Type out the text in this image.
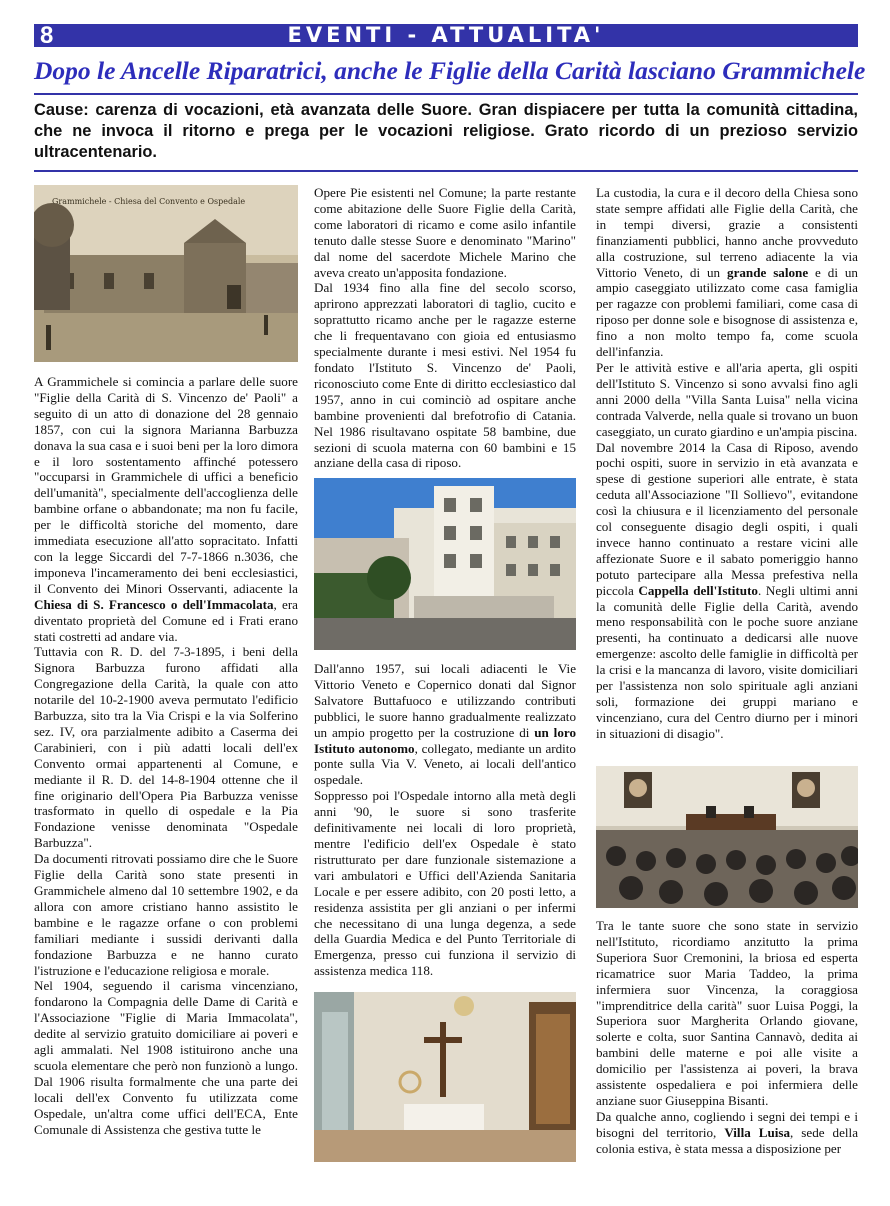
8	EVENTI - ATTUALITA'
Dopo le Ancelle Riparatrici, anche le Figlie della Carità lasciano Grammichele
Cause: carenza di vocazioni, età avanzata delle Suore. Gran dispiacere per tutta la comunità cittadina, che ne invoca il ritorno e prega per le vocazioni religiose. Grato ricordo di un prezioso servizio ultracentenario.
Grammichele - Chiesa del Convento e Ospedale

A Grammichele si comincia a parlare delle suore "Figlie della Carità di S. Vincenzo de' Paoli" a seguito di un atto di donazione del 28 gennaio 1857, con cui la signora Marianna Barbuzza donava la sua casa e i suoi beni per la loro dimora e il loro sostentamento affinché potessero "occuparsi in Grammichele di uffici a beneficio dell'umanità", specialmente dell'accoglienza delle bambine orfane o abbandonate; ma non fu facile, per le difficoltà storiche del momento, dare immediata esecuzione all'atto sopracitato. Infatti con la legge Siccardi del 7-7-1866 n.3036, che imponeva l'incameramento dei beni ecclesiastici, il Convento dei Minori Osservanti, adiacente la Chiesa di S. Francesco o dell'Immacolata, era diventato proprietà del Comune ed i Frati erano stati costretti ad andare via.

Tuttavia con R. D. del 7-3-1895, i beni della Signora Barbuzza furono affidati alla Congregazione della Carità, la quale con atto notarile del 10-2-1900 aveva permutato l'edificio Barbuzza, sito tra la Via Crispi e la via Solferino sez. IV, ora parzialmente adibito a Caserma dei Carabinieri, con i più adatti locali dell'ex Convento ormai appartenenti al Comune, e mediante il R. D. del 14-8-1904 ottenne che il fine originario dell'Opera Pia Barbuzza venisse trasformato in quello di ospedale e la Pia Fondazione venisse denominata "Ospedale Barbuzza".

Da documenti ritrovati possiamo dire che le Suore Figlie della Carità sono state presenti in Grammichele almeno dal 10 settembre 1902, e da allora con amore cristiano hanno assistito le bambine e le ragazze orfane o con problemi familiari mediante i sussidi derivanti dalla fondazione Barbuzza e ne hanno curato l'istruzione e l'educazione religiosa e morale.

Nel 1904, seguendo il carisma vincenziano, fondarono la Compagnia delle Dame di Carità e l'Associazione "Figlie di Maria Immacolata", dedite al servizio gratuito domiciliare ai poveri e agli ammalati. Nel 1908 istituirono anche una scuola elementare che però non funzionò a lungo. Dal 1906 risulta formalmente che una parte dei locali dell'ex Convento fu utilizzata come Ospedale, un'altra come uffici dell'ECA, Ente Comunale di Assistenza che gestiva tutte le

Opere Pie esistenti nel Comune; la parte restante come abitazione delle Suore Figlie della Carità, come laboratori di ricamo e come asilo infantile tenuto dalle stesse Suore e denominato "Marino" dal nome del sacerdote Michele Marino che aveva creato un'apposita fondazione.

Dal 1934 fino alla fine del secolo scorso, aprirono apprezzati laboratori di taglio, cucito e soprattutto ricamo anche per le ragazze esterne che li frequentavano con gioia ed entusiasmo specialmente durante i mesi estivi. Nel 1954 fu fondato l'Istituto S. Vincenzo de' Paoli, riconosciuto come Ente di diritto ecclesiastico dal 1957, anno in cui cominciò ad ospitare anche bambine provenienti dal brefotrofio di Catania. Nel 1986 risultavano ospitate 58 bambine, due sezioni di scuola materna con 60 bambini e 15 anziane della casa di riposo.

Dall'anno 1957, sui locali adiacenti le Vie Vittorio Veneto e Copernico donati dal Signor Salvatore Buttafuoco e utilizzando contributi pubblici, le suore hanno gradualmente realizzato un ampio progetto per la costruzione di un loro Istituto autonomo, collegato, mediante un ardito ponte sulla Via V. Veneto, ai locali dell'antico ospedale.

Soppresso poi l'Ospedale intorno alla metà degli anni '90, le suore si sono trasferite definitivamente nei locali di loro proprietà, mentre l'edificio dell'ex Ospedale è stato ristrutturato per dare funzionale sistemazione a vari ambulatori e Uffici dell'Azienda Sanitaria Locale e per essere adibito, con 20 posti letto, a residenza assistita per gli anziani o per infermi che necessitano di una lunga degenza, a sede della Guardia Medica e del Punto Territoriale di Emergenza, presso cui funziona il servizio di assistenza medica 118.

La custodia, la cura e il decoro della Chiesa sono state sempre affidati alle Figlie della Carità, che in tempi diversi, grazie a consistenti finanziamenti pubblici, hanno anche provveduto alla costruzione, sul terreno adiacente la via Vittorio Veneto, di un grande salone e di un ampio caseggiato utilizzato come casa famiglia per ragazze con problemi familiari, come casa di riposo per donne sole e bisognose di assistenza e, fino a non molto tempo fa, come scuola dell'infanzia.

Per le attività estive e all'aria aperta, gli ospiti dell'Istituto S. Vincenzo si sono avvalsi fino agli anni 2000 della "Villa Santa Luisa" nella vicina contrada Valverde, nella quale si trovano un buon caseggiato, un curato giardino e un'ampia piscina.

Dal novembre 2014 la Casa di Riposo, avendo pochi ospiti, suore in servizio in età avanzata e spese di gestione superiori alle entrate, è stata ceduta all'Associazione "Il Sollievo", evitandone così la chiusura e il licenziamento del personale col conseguente disagio degli ospiti, i quali invece hanno continuato a restare vicini alle affezionate Suore e il sabato pomeriggio hanno potuto partecipare alla Messa prefestiva nella piccola Cappella dell'Istituto. Negli ultimi anni la comunità delle Figlie della Carità, avendo meno responsabilità con le poche suore anziane presenti, ha continuato a dedicarsi alle nuove emergenze: ascolto delle famiglie in difficoltà per la crisi e la mancanza di lavoro, visite domiciliari per l'assistenza non solo spirituale agli anziani soli, formazione dei gruppi mariano e vincenziano, cura del Centro diurno per i minori in situazioni di disagio".

Tra le tante suore che sono state in servizio nell'Istituto, ricordiamo anzitutto la prima Superiora Suor Cremonini, la briosa ed esperta ricamatrice suor Maria Taddeo, la prima infermiera suor Vincenza, la coraggiosa "imprenditrice della carità" suor Luisa Poggi, la Superiora suor Margherita Orlando giovane, solerte e colta, suor Santina Cannavò, dedita ai bambini delle materne e poi alle visite a domicilio per l'assistenza ai poveri, la brava assistente ospedaliera e poi infermiera delle anziane suor Giuseppina Bisanti.

Da qualche anno, cogliendo i segni dei tempi e i bisogni del territorio, Villa Luisa, sede della colonia estiva, è stata messa a disposizione per
